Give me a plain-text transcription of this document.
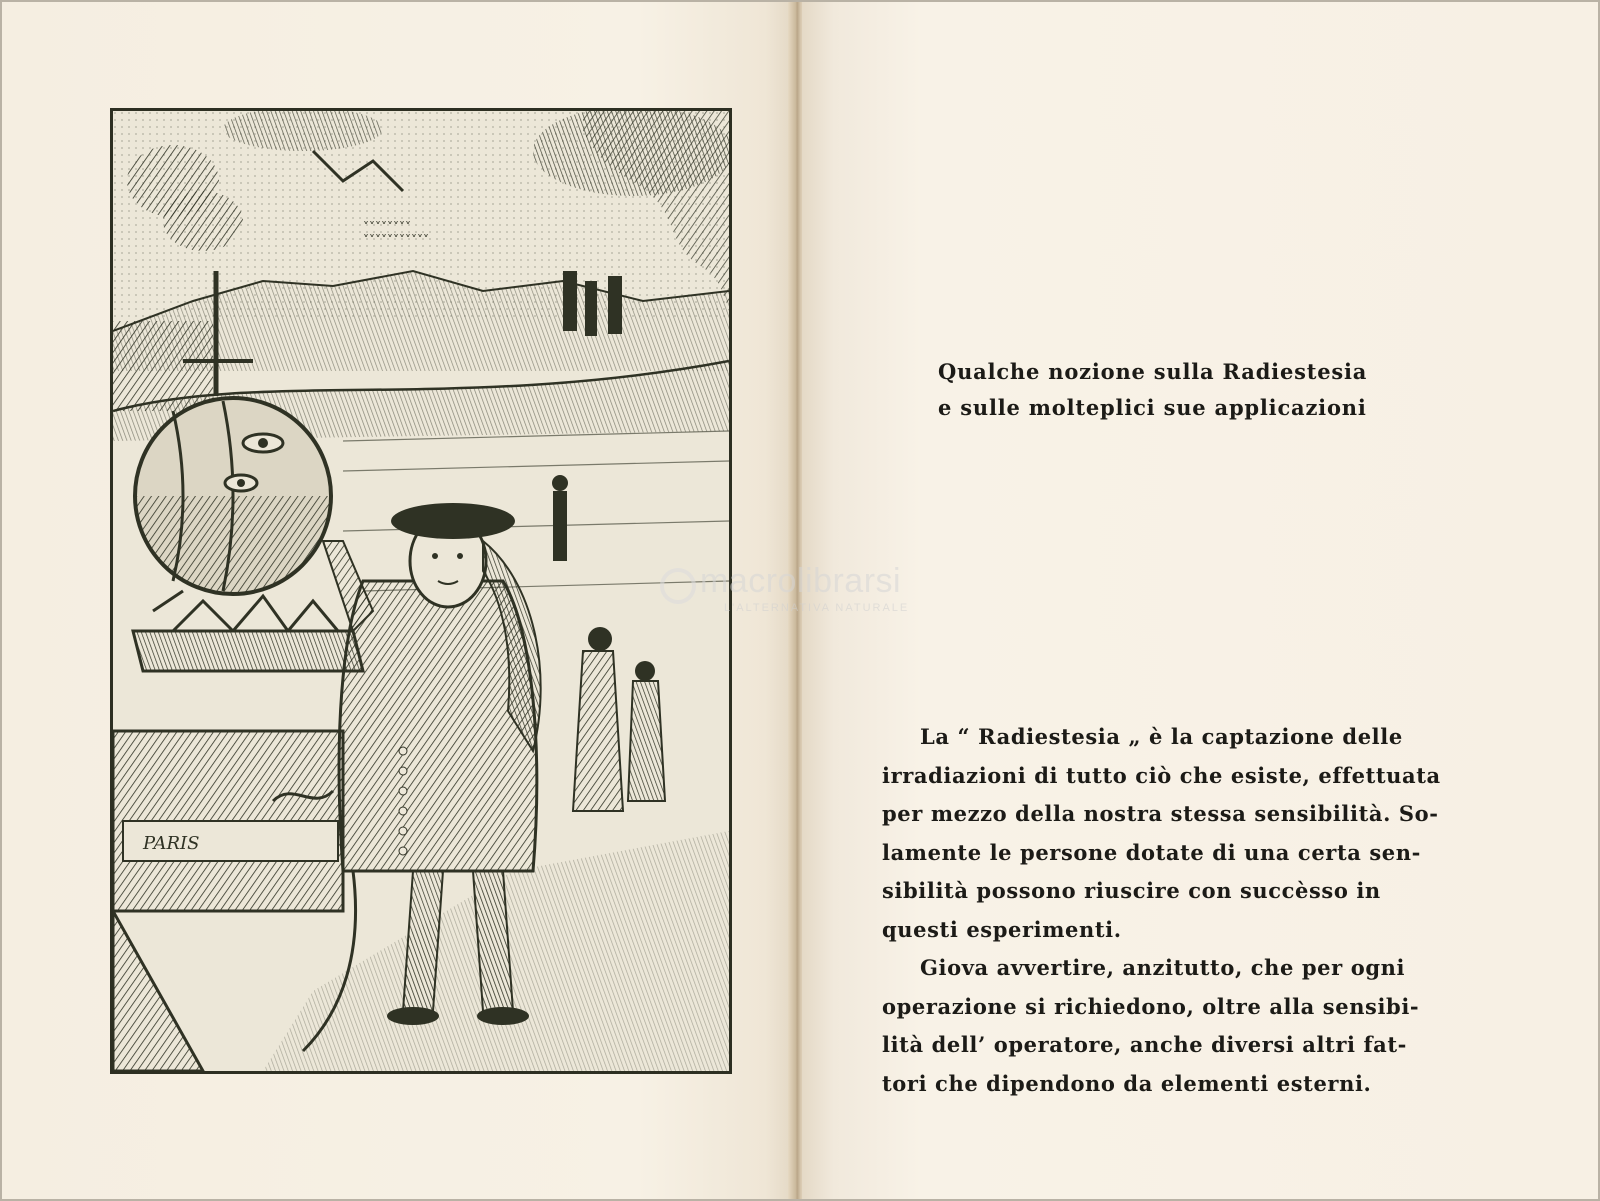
˅˅˅˅˅˅˅˅
˅˅˅˅˅˅˅˅˅˅˅
PARIS
Qualche nozione sulla Radiestesia
e sulle molteplici sue applicazioni
La “ Radiestesia „ è la captazione delle
irradiazioni di tutto ciò che esiste, effettuata
per mezzo della nostra stessa sensibilità. So-
lamente le persone dotate di una certa sen-
sibilità possono riuscire con succèsso in
questi esperimenti.
Giova avvertire, anzitutto, che per ogni
operazione si richiedono, oltre alla sensibi-
lità dell’ operatore, anche diversi altri fat-
tori che dipendono da elementi esterni.
macrolibrarsi
L'ALTERNATIVA NATURALE
